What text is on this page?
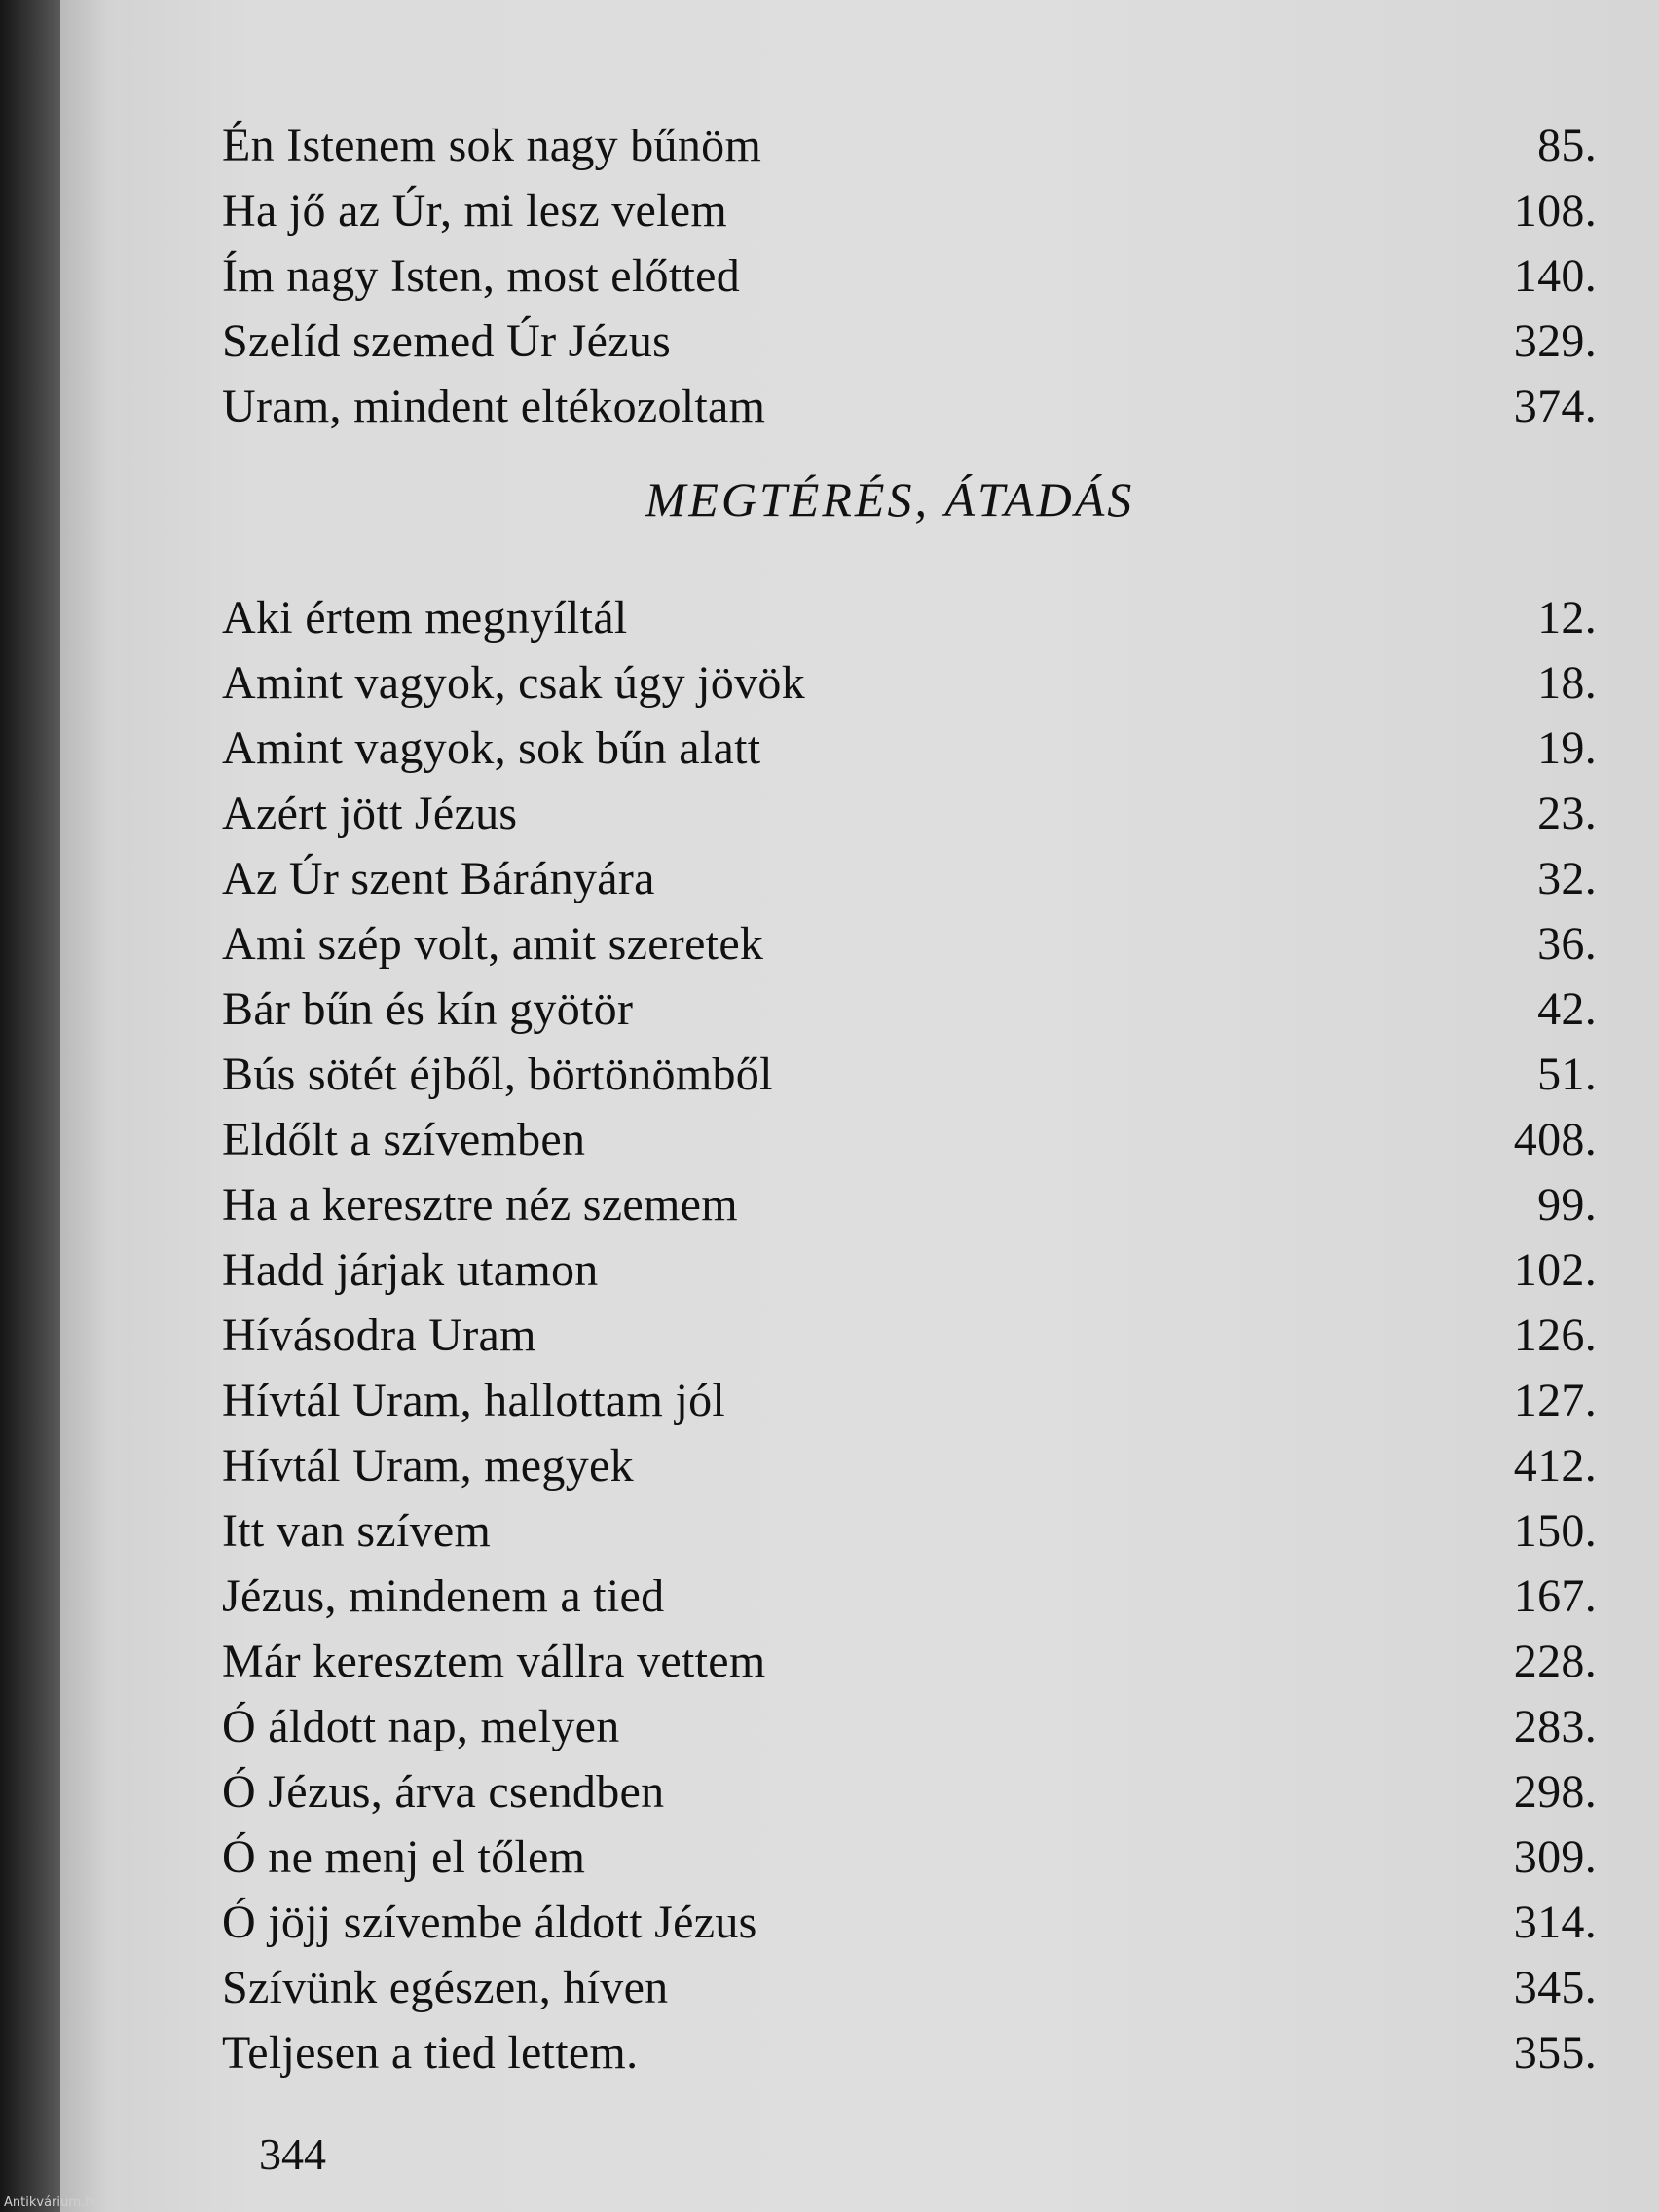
Én Istenem sok nagy bűnöm	85.
Ha jő az Úr, mi lesz velem	108.
Ím nagy Isten, most előtted	140.
Szelíd szemed Úr Jézus	329.
Uram, mindent eltékozoltam	374.
MEGTÉRÉS, ÁTADÁS
Aki értem megnyíltál	12.
Amint vagyok, csak úgy jövök	18.
Amint vagyok, sok bűn alatt	19.
Azért jött Jézus	23.
Az Úr szent Bárányára	32.
Ami szép volt, amit szeretek	36.
Bár bűn és kín gyötör	42.
Bús sötét éjből, börtönömből	51.
Eldőlt a szívemben	408.
Ha a keresztre néz szemem	99.
Hadd járjak utamon	102.
Hívásodra Uram	126.
Hívtál Uram, hallottam jól	127.
Hívtál Uram, megyek	412.
Itt van szívem	150.
Jézus, mindenem a tied	167.
Már keresztem vállra vettem	228.
Ó áldott nap, melyen	283.
Ó Jézus, árva csendben	298.
Ó ne menj el tőlem	309.
Ó jöjj szívembe áldott Jézus	314.
Szívünk egészen, híven	345.
Teljesen a tied lettem.	355.
344
Antikvárium.hu
